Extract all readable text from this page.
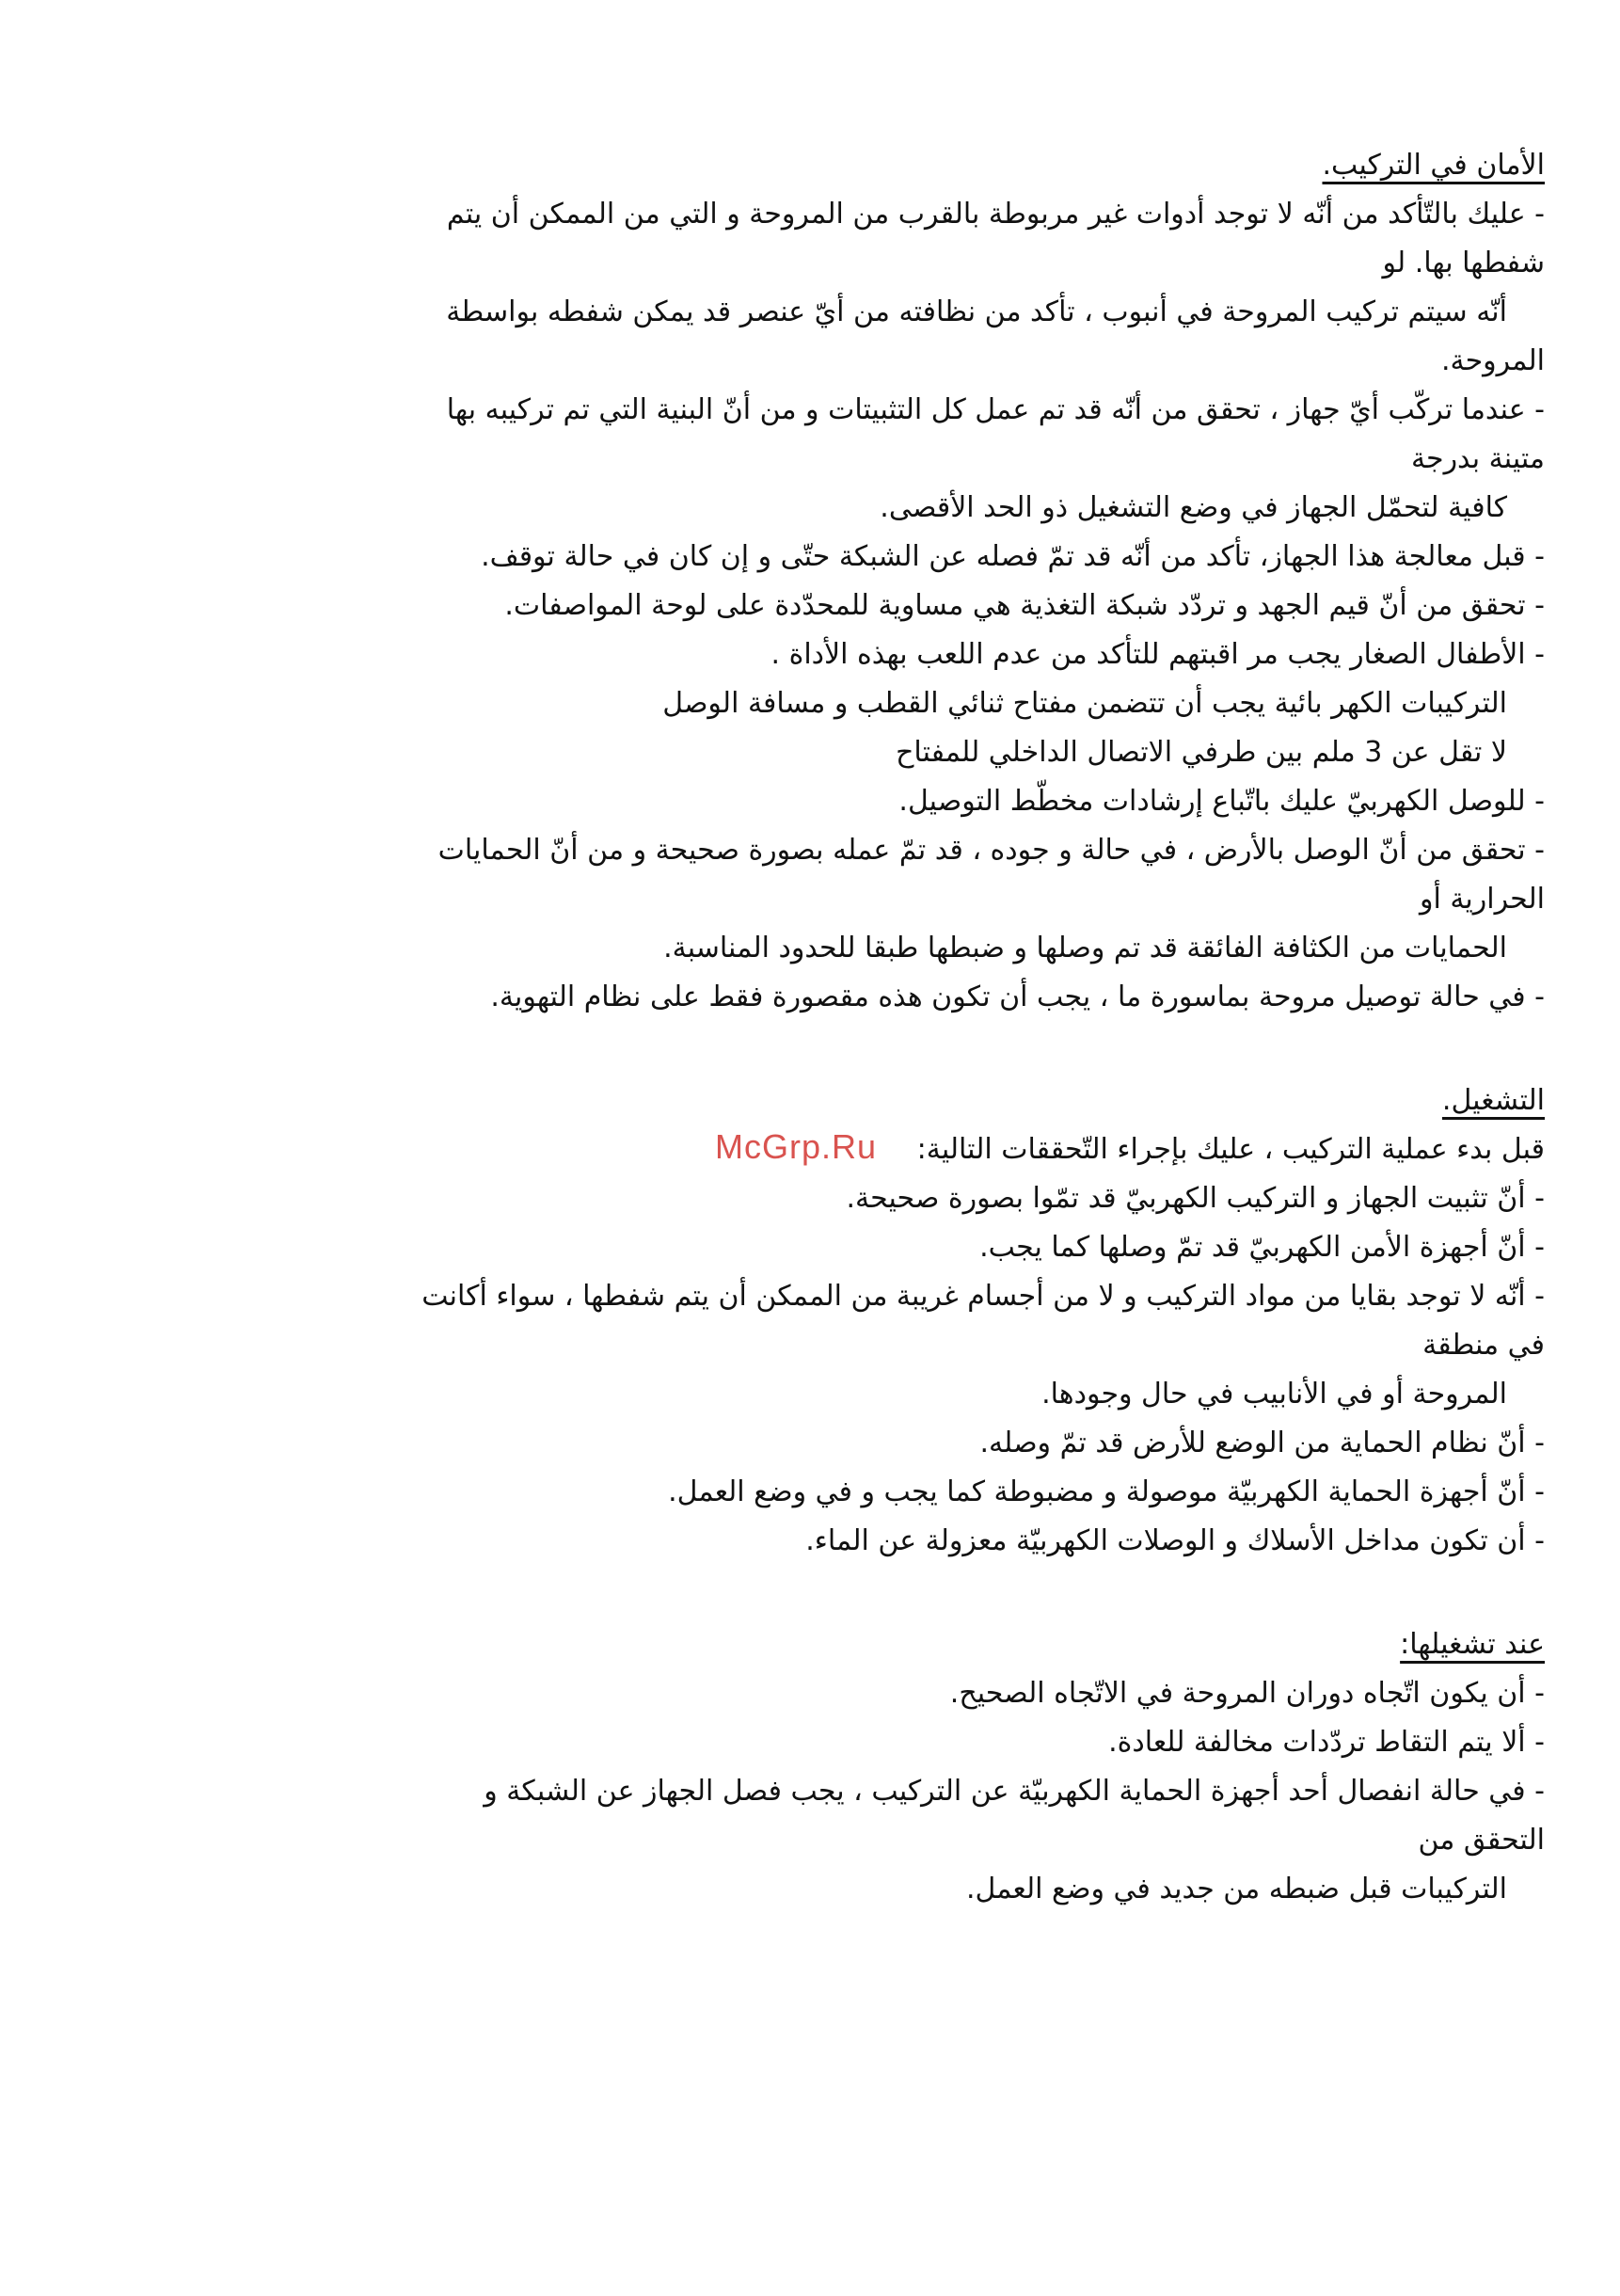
McGrp.Ru

الأمان في التركيب.

- عليك بالتّأكد من أنّه لا توجد أدوات غير مربوطة بالقرب من المروحة و التي من الممكن أن يتم

شفطها بها. لو

أنّه سيتم تركيب المروحة في أنبوب ، تأكد من نظافته من أيّ عنصر قد يمكن شفطه بواسطة

المروحة.

- عندما تركّب أيّ جهاز ، تحقق من أنّه قد تم عمل كل التثبيتات و من أنّ البنية التي تم تركيبه بها

متينة بدرجة

كافية لتحمّل الجهاز في وضع التشغيل ذو الحد الأقصى.

- قبل معالجة هذا الجهاز، تأكد من أنّه قد تمّ فصله عن الشبكة حتّى و إن كان في حالة توقف.

- تحقق من أنّ قيم الجهد و تردّد شبكة التغذية هي مساوية للمحدّدة على لوحة المواصفات.

- الأطفال الصغار يجب مر اقبتهم للتأكد من عدم اللعب بهذه الأداة .

التركيبات الكهر بائية يجب أن تتضمن مفتاح ثنائي القطب و مسافة الوصل

لا تقل عن 3 ملم بين طرفي الاتصال الداخلي للمفتاح

- للوصل الكهربيّ عليك باتّباع إرشادات مخطّط التوصيل.

- تحقق من أنّ الوصل بالأرض ، في حالة و جوده ، قد تمّ عمله بصورة صحيحة و من أنّ الحمايات

الحرارية أو

الحمايات من الكثافة الفائقة قد تم وصلها و ضبطها طبقا للحدود المناسبة.

- في حالة توصيل مروحة بماسورة ما ، يجب أن تكون هذه مقصورة فقط على نظام التهوية.

التشغيل.

قبل بدء عملية التركيب ، عليك بإجراء التّحققات التالية:

- أنّ تثبيت الجهاز و التركيب الكهربيّ قد تمّوا بصورة صحيحة.

- أنّ أجهزة الأمن الكهربيّ قد تمّ وصلها كما يجب.

- أنّه لا توجد بقايا من مواد التركيب و لا من أجسام غريبة من الممكن أن يتم شفطها ، سواء أكانت

في منطقة

المروحة أو في الأنابيب في حال وجودها.

- أنّ نظام الحماية من الوضع للأرض قد تمّ وصله.

- أنّ أجهزة الحماية الكهربيّة موصولة و مضبوطة كما يجب و في وضع العمل.

- أن تكون مداخل الأسلاك و الوصلات الكهربيّة معزولة عن الماء.

عند تشغيلها:

- أن يكون اتّجاه دوران المروحة في الاتّجاه الصحيح.

- ألا يتم التقاط تردّدات مخالفة للعادة.

- في حالة انفصال أحد أجهزة الحماية الكهربيّة عن التركيب ، يجب فصل الجهاز عن الشبكة و

التحقق من

التركيبات قبل ضبطه من جديد في وضع العمل.
